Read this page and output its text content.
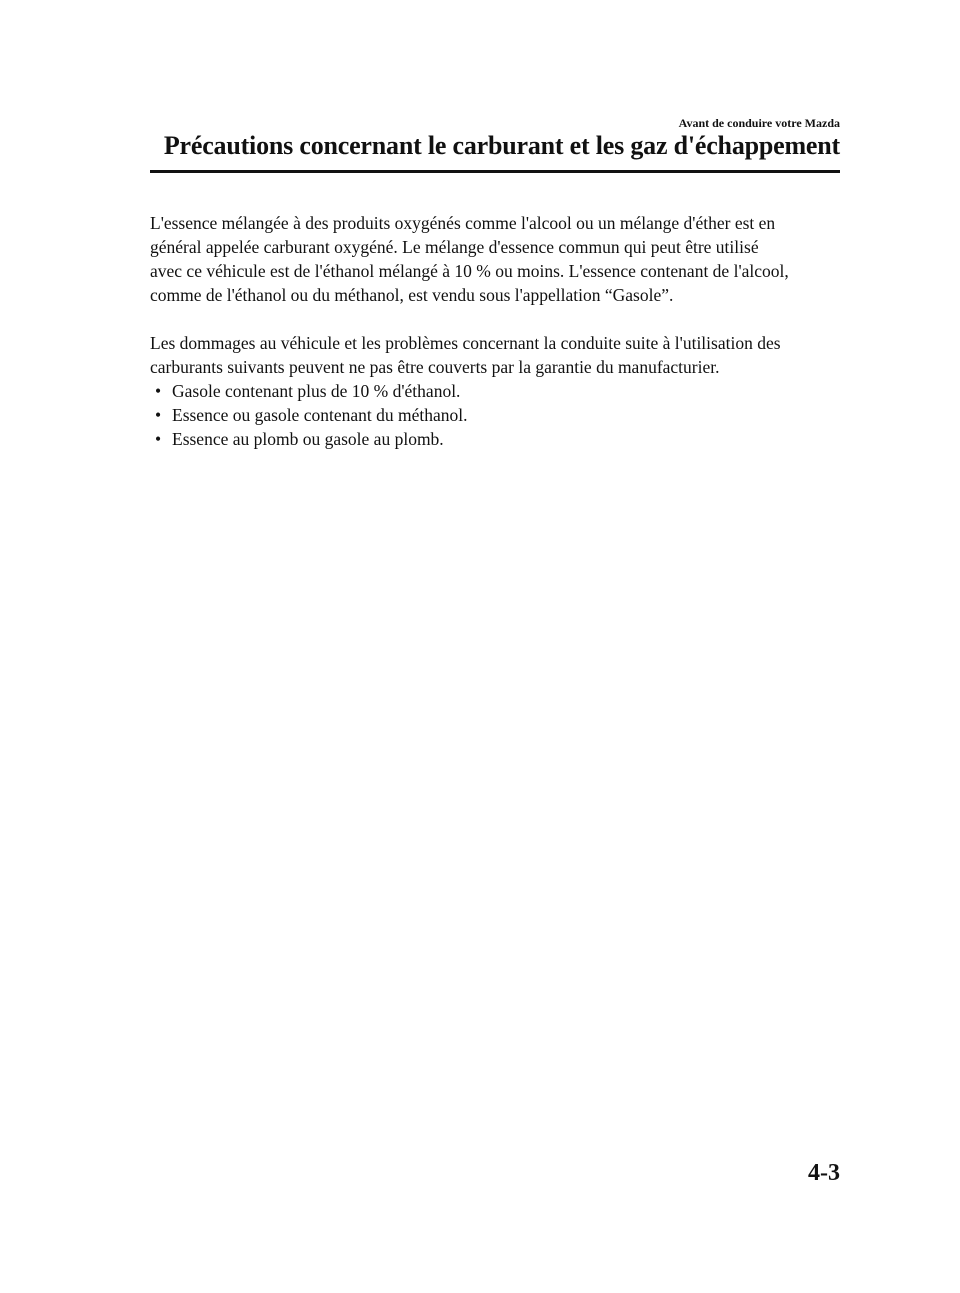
Avant de conduire votre Mazda
Précautions concernant le carburant et les gaz d'échappement

L'essence mélangée à des produits oxygénés comme l'alcool ou un mélange d'éther est en
général appelée carburant oxygéné. Le mélange d'essence commun qui peut être utilisé
avec ce véhicule est de l'éthanol mélangé à 10 % ou moins. L'essence contenant de l'alcool,
comme de l'éthanol ou du méthanol, est vendu sous l'appellation “Gasole”.

Les dommages au véhicule et les problèmes concernant la conduite suite à l'utilisation des
carburants suivants peuvent ne pas être couverts par la garantie du manufacturier.

• Gasole contenant plus de 10 % d'éthanol.
• Essence ou gasole contenant du méthanol.
• Essence au plomb ou gasole au plomb.
4-3
